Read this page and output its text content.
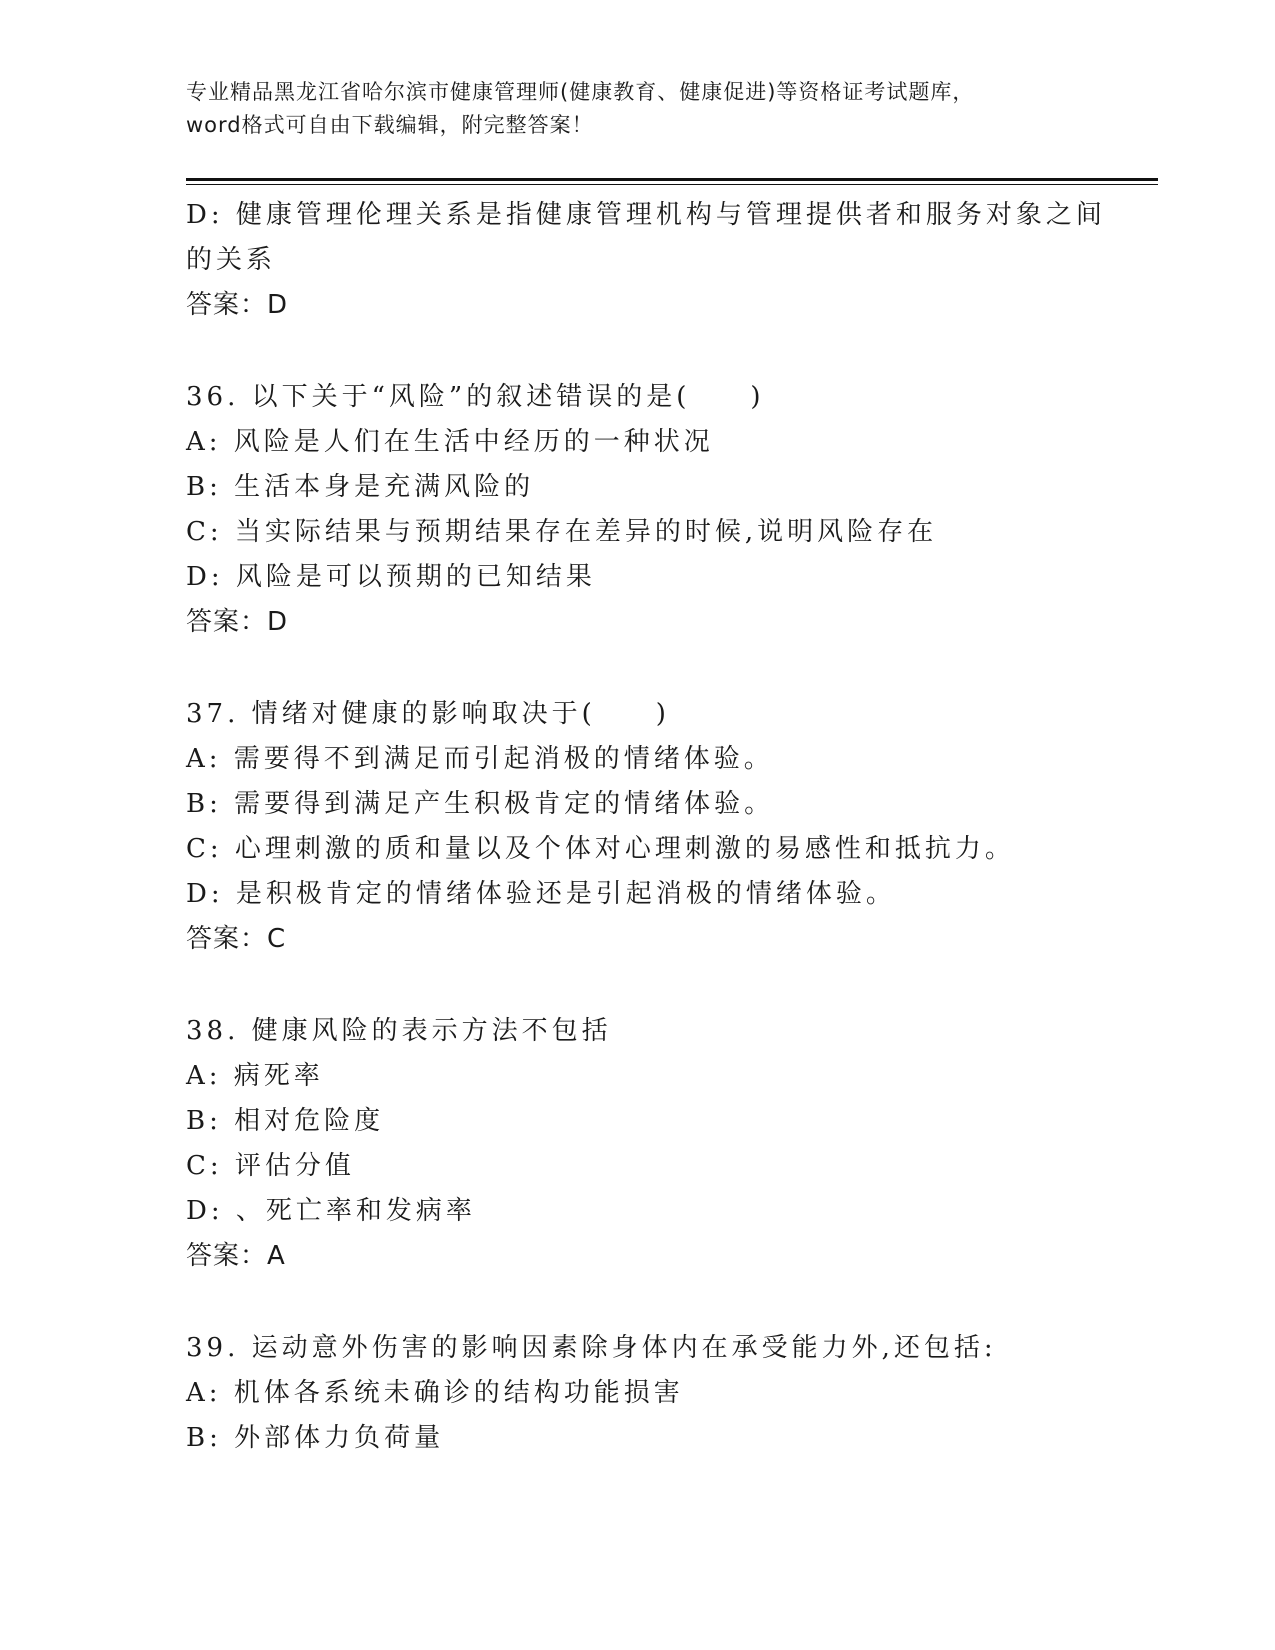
专业精品黑龙江省哈尔滨市健康管理师(健康教育、健康促进)等资格证考试题库，
word格式可自由下载编辑，附完整答案！
D: 健康管理伦理关系是指健康管理机构与管理提供者和服务对象之间
的关系
答案：D
36. 以下关于“风险”的叙述错误的是(　　)
A: 风险是人们在生活中经历的一种状况
B: 生活本身是充满风险的
C: 当实际结果与预期结果存在差异的时候,说明风险存在
D: 风险是可以预期的已知结果
答案：D
37. 情绪对健康的影响取决于(　　)
A: 需要得不到满足而引起消极的情绪体验。
B: 需要得到满足产生积极肯定的情绪体验。
C: 心理刺激的质和量以及个体对心理刺激的易感性和抵抗力。
D: 是积极肯定的情绪体验还是引起消极的情绪体验。
答案：C
38. 健康风险的表示方法不包括
A: 病死率
B: 相对危险度
C: 评估分值
D: 、死亡率和发病率
答案：A
39. 运动意外伤害的影响因素除身体内在承受能力外,还包括:
A: 机体各系统未确诊的结构功能损害
B: 外部体力负荷量
